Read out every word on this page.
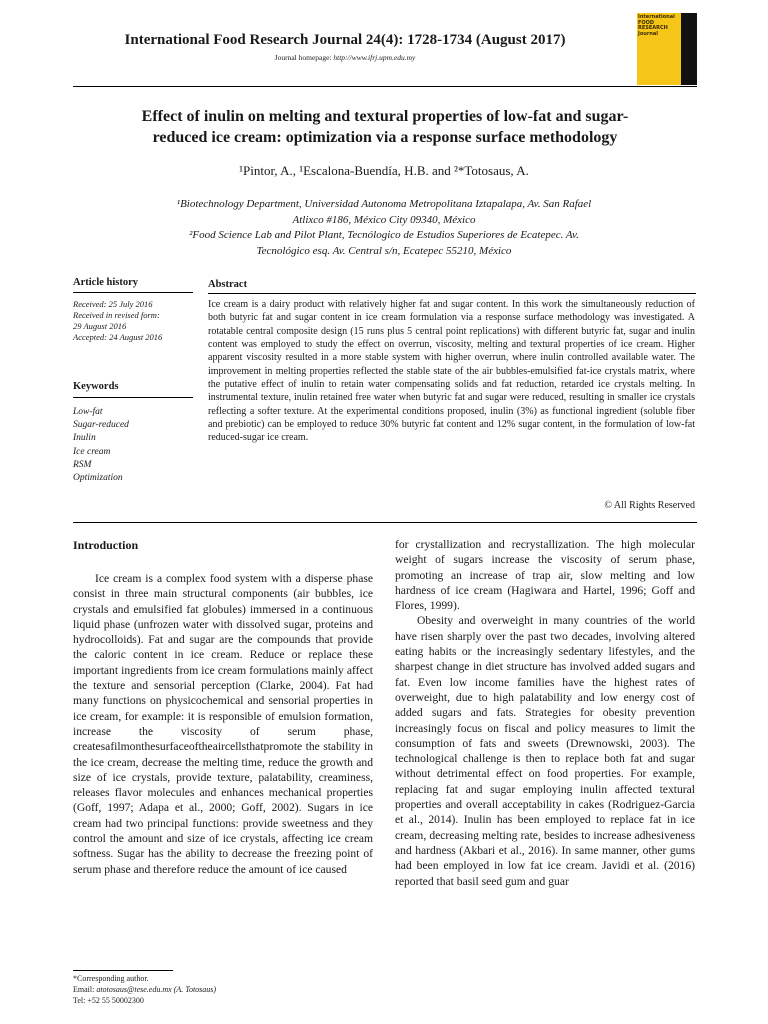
International Food Research Journal 24(4): 1728-1734 (August 2017)
Journal homepage: http://www.ifrj.upm.edu.my
International FOOD RESEARCH Journal
Effect of inulin on melting and textural properties of low-fat and sugar-
reduced ice cream: optimization via a response surface methodology
¹Pintor, A., ¹Escalona-Buendía, H.B. and ²*Totosaus, A.
¹Biotechnology Department, Universidad Autonoma Metropolitana Iztapalapa, Av. San Rafael
Atlixco #186, México City 09340, México
²Food Science Lab and Pilot Plant, Tecnólogico de Estudios Superiores de Ecatepec. Av.
Tecnológico esq. Av. Central s/n, Ecatepec 55210, México
Article history
Received: 25 July 2016
Received in revised form:
29 August 2016
Accepted: 24 August 2016
Keywords
Low-fat
Sugar-reduced
Inulin
Ice cream
RSM
Optimization
Abstract
Ice cream is a dairy product with relatively higher fat and sugar content. In this work the simultaneously reduction of both butyric fat and sugar content in ice cream formulation via a response surface methodology was investigated. A rotatable central composite design (15 runs plus 5 central point replications) with different butyric fat, sugar and inulin content was employed to study the effect on overrun, viscosity, melting and textural properties of ice cream. Higher apparent viscosity resulted in a more stable system with higher overrun, where inulin controlled available water. The improvement in melting properties reflected the stable state of the air bubbles-emulsified fat-ice crystals matrix, where the putative effect of inulin to retain water compensating solids and fat reduction, retarded ice crystals melting. In instrumental texture, inulin retained free water when butyric fat and sugar were reduced, resulting in smaller ice crystals reflecting a softer texture. At the experimental conditions proposed, inulin (3%) as functional ingredient (soluble fiber and prebiotic) can be employed to reduce 30% butyric fat content and 12% sugar content, in the formulation of low-fat reduced-sugar ice cream.
© All Rights Reserved
Introduction

Ice cream is a complex food system with a disperse phase consist in three main structural components (air bubbles, ice crystals and emulsified fat globules) immersed in a continuous liquid phase (unfrozen water with dissolved sugar, proteins and hydrocolloids). Fat and sugar are the compounds that provide the caloric content in ice cream. Reduce or replace these important ingredients from ice cream formulations mainly affect the texture and sensorial perception (Clarke, 2004). Fat had many functions on physicochemical and sensorial properties in ice cream, for example: it is responsible of emulsion formation, increase the viscosity of serum phase, createsafilmonthesurfaceoftheaircellsthatpromote the stability in the ice cream, decrease the melting time, reduce the growth and size of ice crystals, provide texture, palatability, creaminess, releases flavor molecules and enhances mechanical properties (Goff, 1997; Adapa et al., 2000; Goff, 2002). Sugars in ice cream had two principal functions: provide sweetness and they control the amount and size of ice crystals, affecting ice cream softness. Sugar has the ability to decrease the freezing point of serum phase and therefore reduce the amount of ice caused

for crystallization and recrystallization. The high molecular weight of sugars increase the viscosity of serum phase, promoting an increase of trap air, slow melting and low hardness of ice cream (Hagiwara and Hartel, 1996; Goff and Flores, 1999).

Obesity and overweight in many countries of the world have risen sharply over the past two decades, involving altered eating habits or the increasingly sedentary lifestyles, and the sharpest change in diet structure has involved added sugars and fat. Even low income families have the highest rates of overweight, due to high palatability and low energy cost of added sugars and fats. Strategies for obesity prevention increasingly focus on fiscal and policy measures to limit the consumption of fats and sweets (Drewnowski, 2003). The technological challenge is then to replace both fat and sugar without detrimental effect on food properties. For example, replacing fat and sugar employing inulin affected textural properties and overall acceptability in cakes (Rodriguez-Garcia et al., 2014). Inulin has been employed to replace fat in ice cream, decreasing melting rate, besides to increase adhesiveness and hardness (Akbari et al., 2016). In same manner, other gums had been employed in low fat ice cream. Javidi et al. (2016) reported that basil seed gum and guar

*Corresponding author.
Email: atotosaus@tese.edu.mx (A. Totosaus)
Tel: +52 55 50002300
